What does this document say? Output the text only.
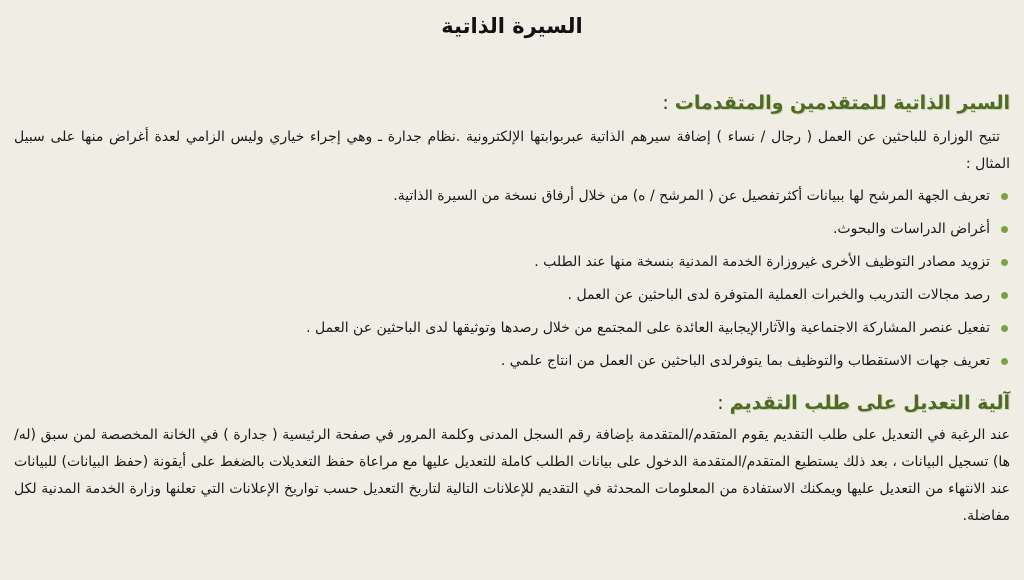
السيرة الذاتية
السير الذاتية للمتقدمين والمتقدمات:
تتيح الوزارة للباحثين عن العمل ( رجال / نساء ) إضافة سيرهم الذاتية عبربوابتها الإلكترونية .نظام جدارة ـ وهي إجراء خياري وليس الزامي لعدة أغراض منها على سبيل المثال :
تعريف الجهة المرشح لها ببيانات أكثرتفصيل عن ( المرشح / ه) من خلال أرفاق نسخة من السيرة الذاتية.
أغراض الدراسات والبحوث.
تزويد مصادر التوظيف الأخرى غيروزارة الخدمة المدنية بنسخة منها عند الطلب .
رصد مجالات التدريب والخبرات العملية المتوفرة لدى الباحثين عن العمل .
تفعيل عنصر المشاركة الاجتماعية والآثارالإيجابية العائدة على المجتمع من خلال رصدها وتوثيقها لدى الباحثين عن العمل .
تعريف جهات الاستقطاب والتوظيف بما يتوفرلدى الباحثين عن العمل من انتاج علمي .
آلية التعديل على طلب التقديم:
عند الرغبة في التعديل على طلب التقديم يقوم المتقدم/المتقدمة بإضافة رقم السجل المدنى وكلمة المرور في صفحة الرئيسية ( جدارة ) في الخانة المخصصة لمن سبق (له/ها) تسجيل البيانات ، بعد ذلك يستطيع المتقدم/المتقدمة الدخول على بيانات الطلب كاملة للتعديل عليها مع مراعاة حفظ التعديلات بالضغط على أيقونة (حفظ البيانات) للبيانات عند الانتهاء من التعديل عليها ويمكنك الاستفادة من المعلومات المحدثة في التقديم للإعلانات التالية لتاريخ التعديل حسب تواريخ الإعلانات التي تعلنها وزارة الخدمة المدنية لكل مفاضلة.
